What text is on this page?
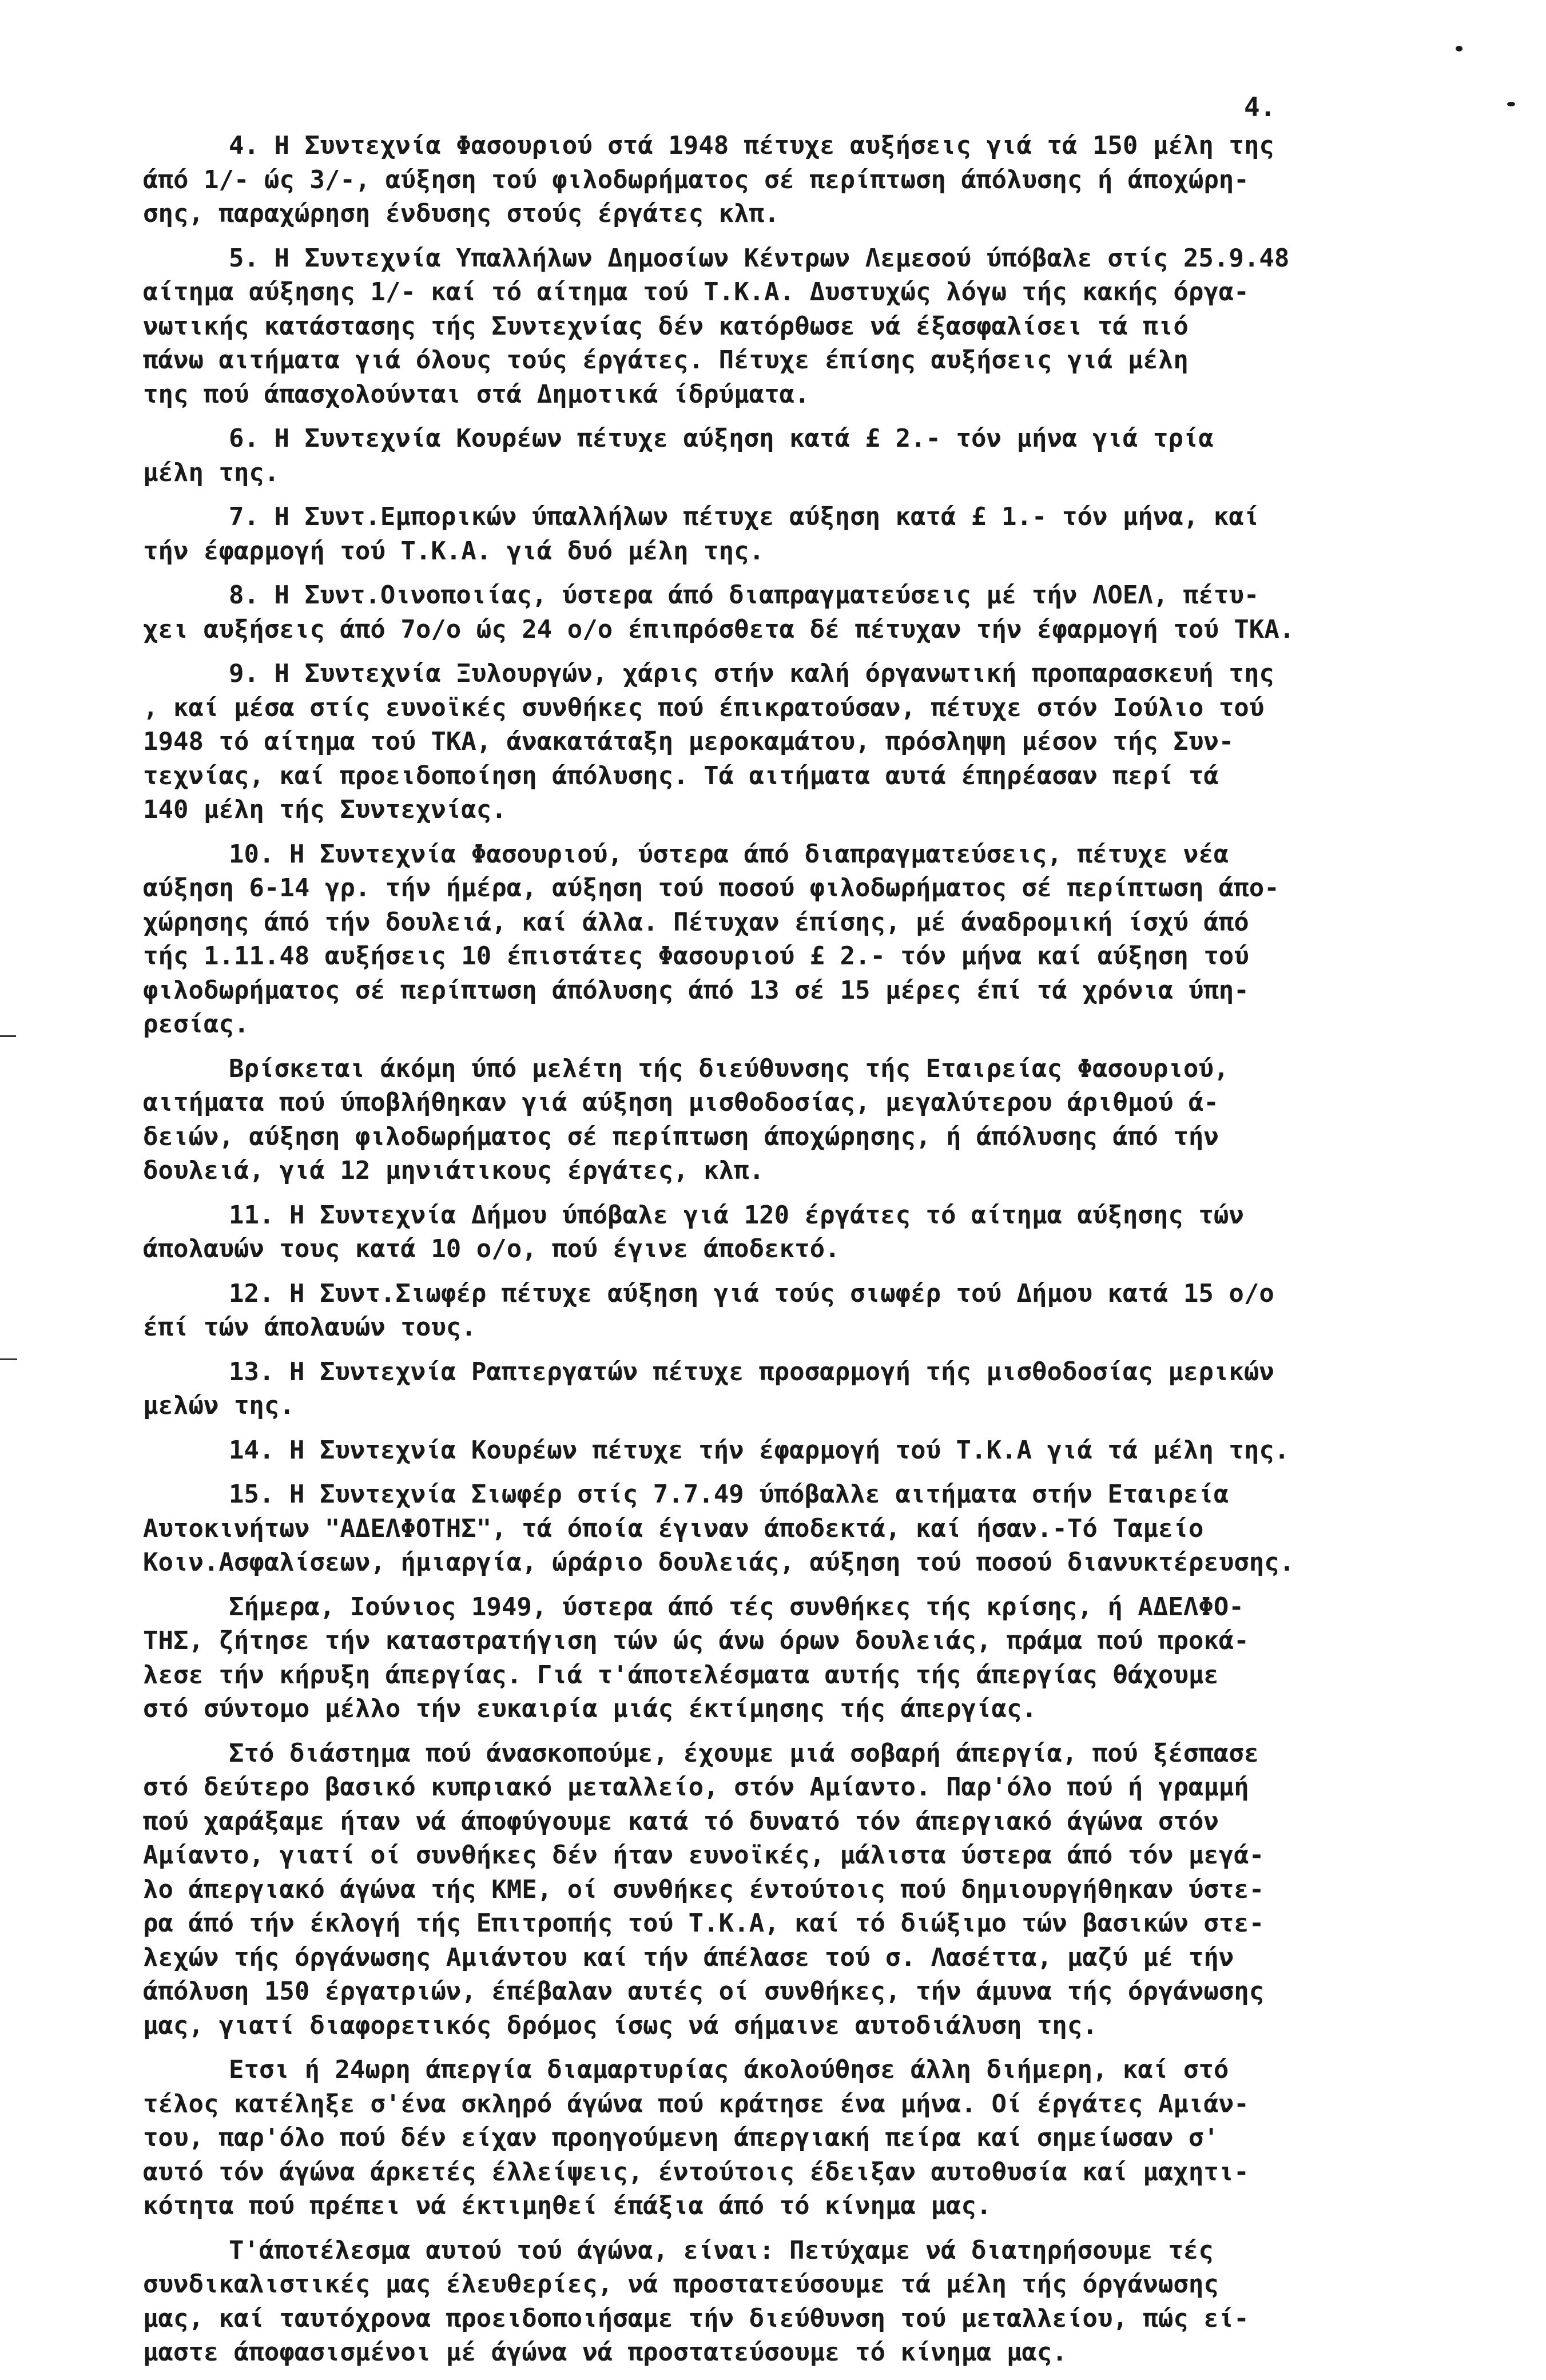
4.

4. Η Συντεχνία Φασουριού στά 1948 πέτυχε αυξήσεις γιά τά 150 μέλη της
άπό 1/- ώς 3/-, αύξηση τού φιλοδωρήματος σέ περίπτωση άπόλυσης ή άποχώρη-
σης, παραχώρηση ένδυσης στούς έργάτες κλπ.

5. Η Συντεχνία Υπαλλήλων Δημοσίων Κέντρων Λεμεσού ύπόβαλε στίς 25.9.48
αίτημα αύξησης 1/- καί τό αίτημα τού Τ.Κ.Α. Δυστυχώς λόγω τής κακής όργα-
νωτικής κατάστασης τής Συντεχνίας δέν κατόρθωσε νά έξασφαλίσει τά πιό
πάνω αιτήματα γιά όλους τούς έργάτες. Πέτυχε έπίσης αυξήσεις γιά μέλη
της πού άπασχολούνται στά Δημοτικά ίδρύματα.

6. Η Συντεχνία Κουρέων πέτυχε αύξηση κατά £ 2.- τόν μήνα γιά τρία
μέλη της.

7. Η Συντ.Εμπορικών ύπαλλήλων πέτυχε αύξηση κατά £ 1.- τόν μήνα, καί
τήν έφαρμογή τού Τ.Κ.Α. γιά δυό μέλη της.

8. Η Συντ.Οινοποιίας, ύστερα άπό διαπραγματεύσεις μέ τήν ΛΟΕΛ, πέτυ-
χει αυξήσεις άπό 7ο/ο ώς 24 ο/ο έπιπρόσθετα δέ πέτυχαν τήν έφαρμογή τού ΤΚΑ.

9. Η Συντεχνία Ξυλουργών, χάρις στήν καλή όργανωτική προπαρασκευή της
, καί μέσα στίς ευνοϊκές συνθήκες πού έπικρατούσαν, πέτυχε στόν Ιούλιο τού
1948 τό αίτημα τού ΤΚΑ, άνακατάταξη μεροκαμάτου, πρόσληψη μέσον τής Συν-
τεχνίας, καί προειδοποίηση άπόλυσης. Τά αιτήματα αυτά έπηρέασαν περί τά
140 μέλη τής Συντεχνίας.

10. Η Συντεχνία Φασουριού, ύστερα άπό διαπραγματεύσεις, πέτυχε νέα
αύξηση 6-14 γρ. τήν ήμέρα, αύξηση τού ποσού φιλοδωρήματος σέ περίπτωση άπο-
χώρησης άπό τήν δουλειά, καί άλλα. Πέτυχαν έπίσης, μέ άναδρομική ίσχύ άπό
τής 1.11.48 αυξήσεις 10 έπιστάτες Φασουριού £ 2.- τόν μήνα καί αύξηση τού
φιλοδωρήματος σέ περίπτωση άπόλυσης άπό 13 σέ 15 μέρες έπί τά χρόνια ύπη-
ρεσίας.

Βρίσκεται άκόμη ύπό μελέτη τής διεύθυνσης τής Εταιρείας Φασουριού,
αιτήματα πού ύποβλήθηκαν γιά αύξηση μισθοδοσίας, μεγαλύτερου άριθμού ά-
δειών, αύξηση φιλοδωρήματος σέ περίπτωση άποχώρησης, ή άπόλυσης άπό τήν
δουλειά, γιά 12 μηνιάτικους έργάτες, κλπ.

11. Η Συντεχνία Δήμου ύπόβαλε γιά 120 έργάτες τό αίτημα αύξησης τών
άπολαυών τους κατά 10 ο/ο, πού έγινε άποδεκτό.

12. Η Συντ.Σιωφέρ πέτυχε αύξηση γιά τούς σιωφέρ τού Δήμου κατά 15 ο/ο
έπί τών άπολαυών τους.

13. Η Συντεχνία Ραπτεργατών πέτυχε προσαρμογή τής μισθοδοσίας μερικών
μελών της.

14. Η Συντεχνία Κουρέων πέτυχε τήν έφαρμογή τού Τ.Κ.Α γιά τά μέλη της.

15. Η Συντεχνία Σιωφέρ στίς 7.7.49 ύπόβαλλε αιτήματα στήν Εταιρεία
Αυτοκινήτων "ΑΔΕΛΦΟΤΗΣ", τά όποία έγιναν άποδεκτά, καί ήσαν.-Τό Ταμείο
Κοιν.Ασφαλίσεων, ήμιαργία, ώράριο δουλειάς, αύξηση τού ποσού διανυκτέρευσης.

Σήμερα, Ιούνιος 1949, ύστερα άπό τές συνθήκες τής κρίσης, ή ΑΔΕΛΦΟ-
ΤΗΣ, ζήτησε τήν καταστρατήγιση τών ώς άνω όρων δουλειάς, πράμα πού προκά-
λεσε τήν κήρυξη άπεργίας. Γιά τ'άποτελέσματα αυτής τής άπεργίας θάχουμε
στό σύντομο μέλλο τήν ευκαιρία μιάς έκτίμησης τής άπεργίας.

Στό διάστημα πού άνασκοπούμε, έχουμε μιά σοβαρή άπεργία, πού ξέσπασε
στό δεύτερο βασικό κυπριακό μεταλλείο, στόν Αμίαντο. Παρ'όλο πού ή γραμμή
πού χαράξαμε ήταν νά άποφύγουμε κατά τό δυνατό τόν άπεργιακό άγώνα στόν
Αμίαντο, γιατί οί συνθήκες δέν ήταν ευνοϊκές, μάλιστα ύστερα άπό τόν μεγά-
λο άπεργιακό άγώνα τής ΚΜΕ, οί συνθήκες έντούτοις πού δημιουργήθηκαν ύστε-
ρα άπό τήν έκλογή τής Επιτροπής τού Τ.Κ.Α, καί τό διώξιμο τών βασικών στε-
λεχών τής όργάνωσης Αμιάντου καί τήν άπέλασε τού σ. Λασέττα, μαζύ μέ τήν
άπόλυση 150 έργατριών, έπέβαλαν αυτές οί συνθήκες, τήν άμυνα τής όργάνωσης
μας, γιατί διαφορετικός δρόμος ίσως νά σήμαινε αυτοδιάλυση της.

Ετσι ή 24ωρη άπεργία διαμαρτυρίας άκολούθησε άλλη διήμερη, καί στό
τέλος κατέληξε σ'ένα σκληρό άγώνα πού κράτησε ένα μήνα. Οί έργάτες Αμιάν-
του, παρ'όλο πού δέν είχαν προηγούμενη άπεργιακή πείρα καί σημείωσαν σ'
αυτό τόν άγώνα άρκετές έλλείψεις, έντούτοις έδειξαν αυτοθυσία καί μαχητι-
κότητα πού πρέπει νά έκτιμηθεί έπάξια άπό τό κίνημα μας.

Τ'άποτέλεσμα αυτού τού άγώνα, είναι: Πετύχαμε νά διατηρήσουμε τές
συνδικαλιστικές μας έλευθερίες, νά προστατεύσουμε τά μέλη τής όργάνωσης
μας, καί ταυτόχρονα προειδοποιήσαμε τήν διεύθυνση τού μεταλλείου, πώς εί-
μαστε άποφασισμένοι μέ άγώνα νά προστατεύσουμε τό κίνημα μας.
